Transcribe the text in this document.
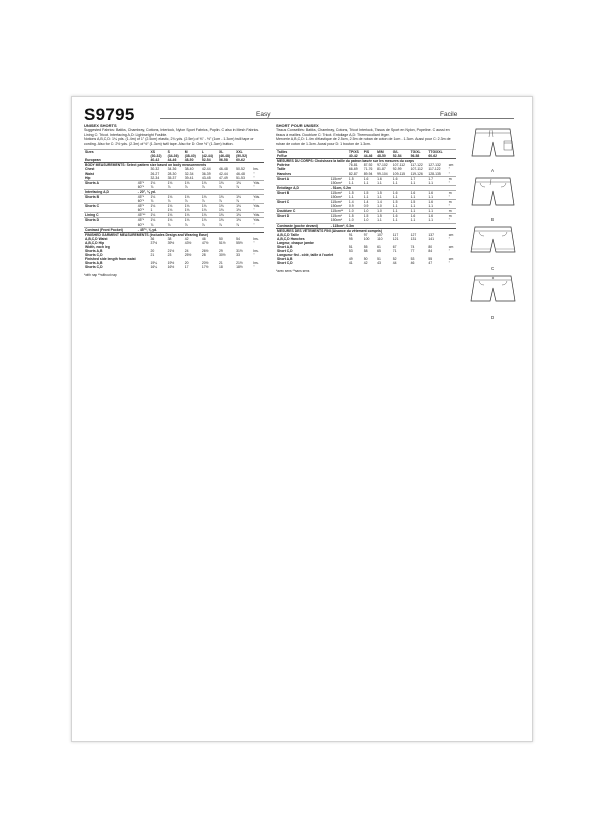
S9795	Easy	Facile

UNISEX SHORTS

Suggested Fabrics: Batiks, Chambray, Cottons, Interlock, Nylon Sport Fabrics, Poplin. C also in Mesh Fabrics. Lining C: Tricot. Interfacing A,D: Lightweight Fusible.

Notions A,B,C,D: 1¼ yds. (1.4m) of 1" (2.5cm) elastic, 2¾ yds. (2.5m) of ⅜" - ½" (1cm - 1.3cm) twill tape or cording. Also for C: 2½ yds. (2.3m) of ½" (1.3cm) twill tape. Also for D: One ½" (1.3cm) button.

Sizes		XS	S	M	L	XL	XXL	
		(30-32)	(34-36)	(38-40)	(42-44)	(46-48)	(50-52)	
European		40-42	44-46	48-50	52-54	56-58	60-62	
BODY MEASUREMENTS: Select pattern size based on body measurements								
Chest		30-32	34-36	38-40	42-44	46-48	50-52	Ins.
Waist		26-27	28-30	32-34	36-39	42-44	46-48	"
Hip		32-34	35-37	39-41	43-45	47-49	51-53	"
Shorts A	45"*	1⅛	1⅛	1⅛	1⅛	1⅛	1⅛	Yds.
	60"*	⅞	⅞	⅞	⅞	⅞	⅞	"
Interfacing A,D	- 20", ⅛ yd.							
Shorts B	45"*	1⅛	1⅛	1⅛	1⅛	1⅛	1⅛	Yds.
	60"*	⅞	⅞	⅞	⅞	⅞	⅞	"
Shorts C	45"*	1⅛	1⅛	1⅛	1⅛	1⅛	1⅛	Yds.
	60"*	1	1⅛	1⅛	1⅛	1⅛	1⅛	"
Lining C	45"**	1⅛	1⅛	1⅛	1⅛	1⅛	1⅛	Yds.
Shorts D	45"*	1⅛	1⅛	1⅛	1⅛	1⅛	1⅛	Yds.
	60"*	⅞	⅞	⅞	⅞	⅞	⅞	"
Contrast (Front Pocket)	- 45"*, ⅜ yd.							
FINISHED GARMENT MEASUREMENTS (Includes Design and Wearing Ease)								
A,B,C,D Waist		36	38	42	46	50	54	Ins.
A,B,C,D Hip		37½	39½	43½	47½	51½	55½	"
Width, each leg								
Shorts A,B		20	21½	24	26½	29	31½	Ins.
Shorts C,D		21	23	25½	28	30½	33	"
Finished side length from waist								
Shorts A,B		19¼	19½	20	20½	21	21½	Ins.
Shorts C,D		16¼	16½	17	17½	18	18½	"

*with nap **without nap

SHORT POUR UNISEX

Tissus Conseillés: Batiks, Chambray, Cotons, Tricot Interlock, Tissus de Sport en Nylon, Popeline. C aussi en tissus à mailles. Doublure C: Tricot. Entoilage A,D: Thermocollant léger.

Mercerie A,B,C,D: 1.4m d'élastique de 2.5cm, 2.5m de ruban de coton de 1cm - 1.3cm. Aussi pour C: 2.3m de ruban de coton de 1.3cm. Aussi pour D: 1 bouton de 1.3cm.

Tailles		TP/XS	P/S	M/M	G/L	TG/XL	TTG/XXL	
Fr/Eur		40-42	44-46	48-50	52-54	56-58	60-62	
MESURES DU CORPS: Choisissez la taille du patron basée sur les mesures du corps								
Poitrine		76-81	87-92	97-102	107-112	117-122	127-132	cm
Taille		66-69	71-76	81-87	92-99	107-112	117-122	"
Hanches		82-87	89-94	99-104	109-115	119-126	128-135	"
Short A	115cm*	1.5	1.6	1.6	1.6	1.7	1.7	m
	150cm*	1.1	1.1	1.1	1.1	1.1	1.1	"
Entoilage A,D	- 51cm, 0.2m							
Short B	115cm*	1.5	1.5	1.5	1.6	1.6	1.6	m
	150cm*	1.1	1.1	1.1	1.1	1.1	1.1	"
Short C	115cm*	1.4	1.4	1.4	1.5	1.5	1.6	m
	150cm*	0.9	0.9	1.0	1.1	1.1	1.1	"
Doublure C	115cm**	1.0	1.0	1.0	1.1	1.1	1.1	m
Short D	115cm*	1.5	1.5	1.5	1.6	1.6	1.6	m
	150cm*	1.0	1.0	1.1	1.1	1.1	1.1	"
Contraste (poche devant)	- 115cm*, 0.3m							
MESURES DES VÊTEMENTS FINI (Aisance du vêtement compris)								
A,B,C,D Taille		91	97	107	117	127	137	cm
A,B,C,D Hanches		95	100	110	121	131	141	"
Largeur, chaque jambe								
Short A,B		51	55	61	67	74	80	cm
Short C,D		53	58	65	71	77	84	"
Longueur fini - côté, taille à l'ourlet								
Short A,B		49	50	51	52	53	55	cm
Short C,D		41	42	43	44	46	47	"

*avec sens **sans sens

A
B
C
D
